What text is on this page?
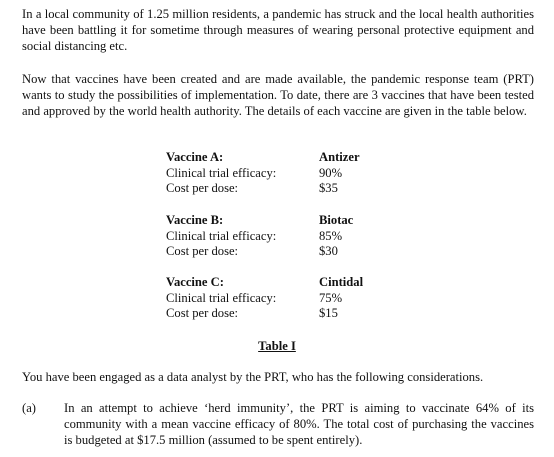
In a local community of 1.25 million residents, a pandemic has struck and the local health authorities have been battling it for sometime through measures of wearing personal protective equipment and social distancing etc.

Now that vaccines have been created and are made available, the pandemic response team (PRT) wants to study the possibilities of implementation. To date, there are 3 vaccines that have been tested and approved by the world health authority. The details of each vaccine are given in the table below.

Vaccine A:	Antizer
Clinical trial efficacy:	90%
Cost per dose:	$35
Vaccine B:	Biotac
Clinical trial efficacy:	85%
Cost per dose:	$30
Vaccine C:	Cintidal
Clinical trial efficacy:	75%
Cost per dose:	$15
Table I

You have been engaged as a data analyst by the PRT, who has the following considerations.

(a)	In an attempt to achieve ‘herd immunity’, the PRT is aiming to vaccinate 64% of its community with a mean vaccine efficacy of 80%. The total cost of purchasing the vaccines is budgeted at $17.5 million (assumed to be spent entirely).
